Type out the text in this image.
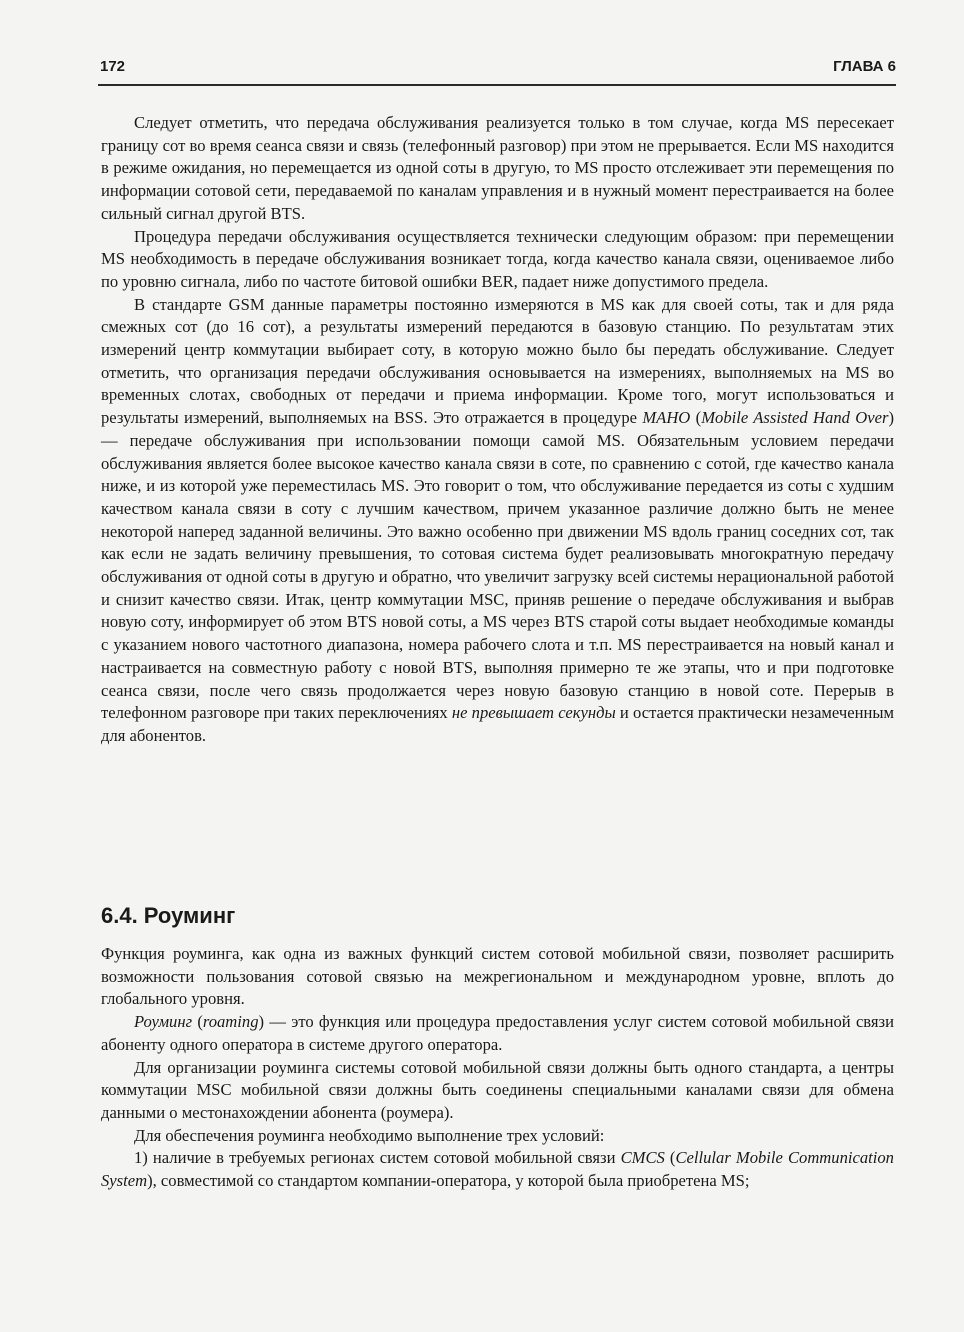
172	ГЛАВА 6

Следует отметить, что передача обслуживания реализуется только в том случае, когда MS пересекает границу сот во время сеанса связи и связь (телефонный разговор) при этом не прерывается. Если MS находится в режиме ожидания, но перемещается из одной соты в другую, то MS просто отслеживает эти перемещения по информации сотовой сети, передаваемой по каналам управления и в нужный момент перестраивается на более сильный сигнал другой BTS.

Процедура передачи обслуживания осуществляется технически следующим образом: при перемещении MS необходимость в передаче обслуживания возникает тогда, когда качество канала связи, оцениваемое либо по уровню сигнала, либо по частоте битовой ошибки BER, падает ниже допустимого предела.

В стандарте GSM данные параметры постоянно измеряются в MS как для своей соты, так и для ряда смежных сот (до 16 сот), а результаты измерений передаются в базовую станцию. По результатам этих измерений центр коммутации выбирает соту, в которую можно было бы передать обслуживание. Следует отметить, что организация передачи обслуживания основывается на измерениях, выполняемых на MS во временных слотах, свободных от передачи и приема информации. Кроме того, могут использоваться и результаты измерений, выполняемых на BSS. Это отражается в процедуре MAHO (Mobile Assisted Hand Over) — передаче обслуживания при использовании помощи самой MS. Обязательным условием передачи обслуживания является более высокое качество канала связи в соте, по сравнению с сотой, где качество канала ниже, и из которой уже переместилась MS. Это говорит о том, что обслуживание передается из соты с худшим качеством канала связи в соту с лучшим качеством, причем указанное различие должно быть не менее некоторой наперед заданной величины. Это важно особенно при движении MS вдоль границ соседних сот, так как если не задать величину превышения, то сотовая система будет реализовывать многократную передачу обслуживания от одной соты в другую и обратно, что увеличит загрузку всей системы нерациональной работой и снизит качество связи. Итак, центр коммутации MSC, приняв решение о передаче обслуживания и выбрав новую соту, информирует об этом BTS новой соты, а MS через BTS старой соты выдает необходимые команды с указанием нового частотного диапазона, номера рабочего слота и т.п. MS перестраивается на новый канал и настраивается на совместную работу с новой BTS, выполняя примерно те же этапы, что и при подготовке сеанса связи, после чего связь продолжается через новую базовую станцию в новой соте. Перерыв в телефонном разговоре при таких переключениях не превышает секунды и остается практически незамеченным для абонентов.

6.4. Роуминг

Функция роуминга, как одна из важных функций систем сотовой мобильной связи, позволяет расширить возможности пользования сотовой связью на межрегиональном и международном уровне, вплоть до глобального уровня.

Роуминг (roaming) — это функция или процедура предоставления услуг систем сотовой мобильной связи абоненту одного оператора в системе другого оператора.

Для организации роуминга системы сотовой мобильной связи должны быть одного стандарта, а центры коммутации MSC мобильной связи должны быть соединены специальными каналами связи для обмена данными о местонахождении абонента (роумера).

Для обеспечения роуминга необходимо выполнение трех условий:

1) наличие в требуемых регионах систем сотовой мобильной связи CMCS (Cellular Mobile Communication System), совместимой со стандартом компании-оператора, у которой была приобретена MS;
